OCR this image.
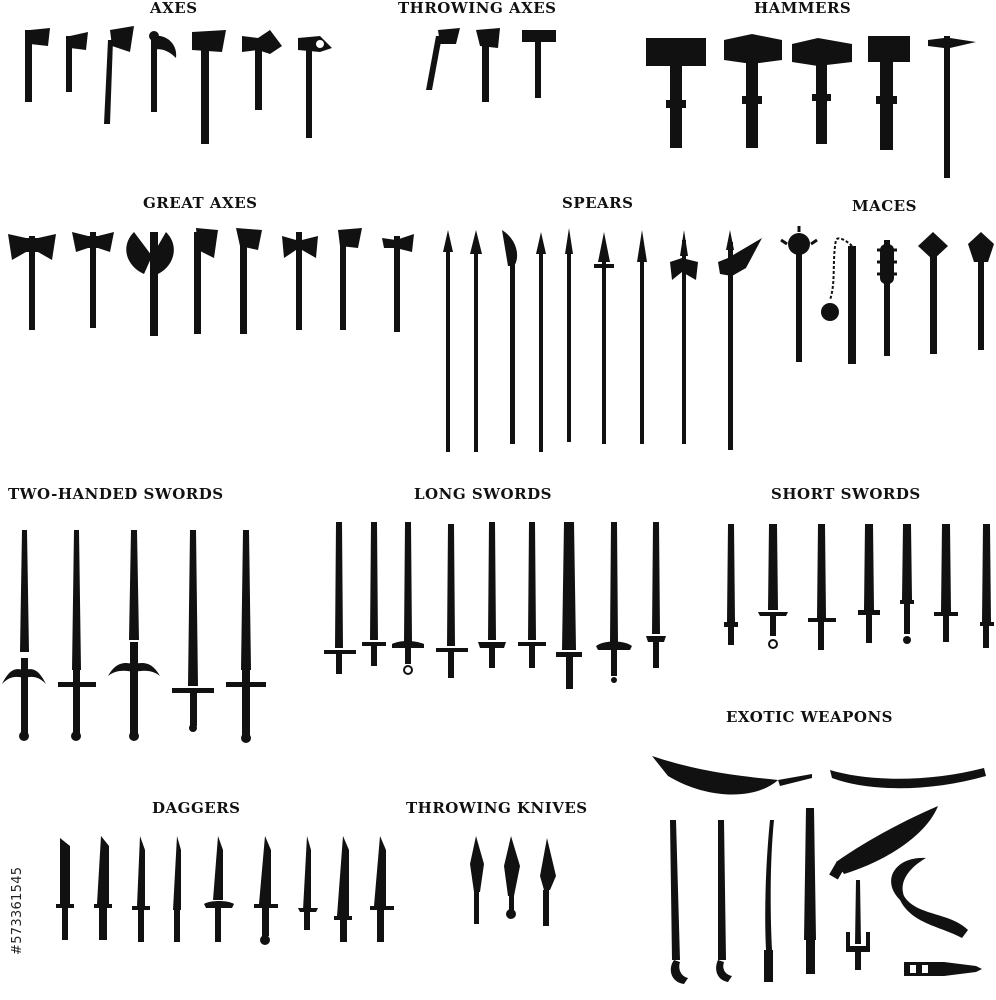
AXES	THROWING AXES	HAMMERS
GREAT AXES	SPEARS	MACES
TWO-HANDED SWORDS	LONG SWORDS	SHORT SWORDS
EXOTIC WEAPONS
DAGGERS	THROWING KNIVES
#573361545
